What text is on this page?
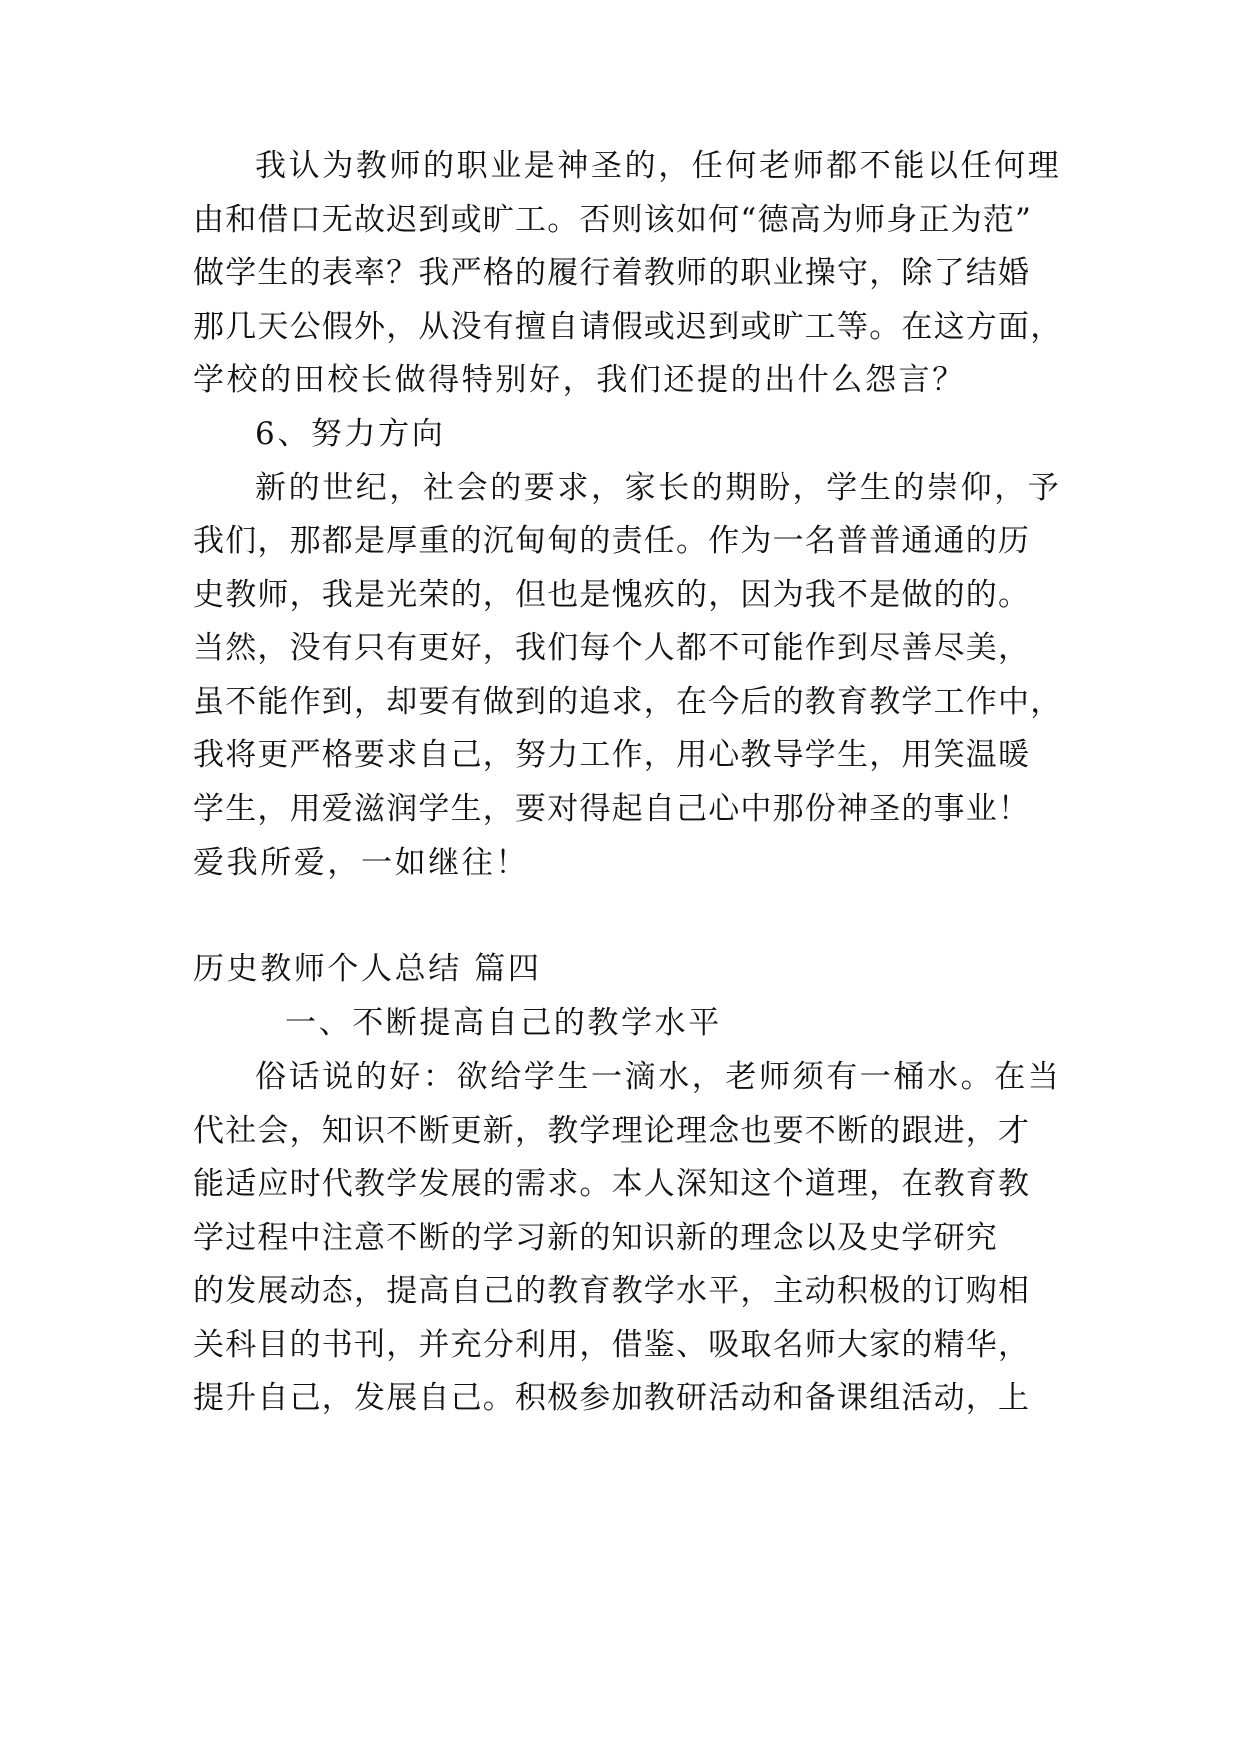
我认为教师的职业是神圣的，任何老师都不能以任何理
由和借口无故迟到或旷工。否则该如何“德高为师身正为范”
做学生的表率？我严格的履行着教师的职业操守，除了结婚
那几天公假外，从没有擅自请假或迟到或旷工等。在这方面，
学校的田校长做得特别好，我们还提的出什么怨言？
6、努力方向
新的世纪，社会的要求，家长的期盼，学生的崇仰，予
我们，那都是厚重的沉甸甸的责任。作为一名普普通通的历
史教师，我是光荣的，但也是愧疚的，因为我不是做的的。
当然，没有只有更好，我们每个人都不可能作到尽善尽美，
虽不能作到，却要有做到的追求，在今后的教育教学工作中，
我将更严格要求自己，努力工作，用心教导学生，用笑温暖
学生，用爱滋润学生，要对得起自己心中那份神圣的事业！
爱我所爱，一如继往！
历史教师个人总结 篇四
一、不断提高自己的教学水平
俗话说的好：欲给学生一滴水，老师须有一桶水。在当
代社会，知识不断更新，教学理论理念也要不断的跟进，才
能适应时代教学发展的需求。本人深知这个道理，在教育教
学过程中注意不断的学习新的知识新的理念以及史学研究
的发展动态，提高自己的教育教学水平，主动积极的订购相
关科目的书刊，并充分利用，借鉴、吸取名师大家的精华，
提升自己，发展自己。积极参加教研活动和备课组活动，上
